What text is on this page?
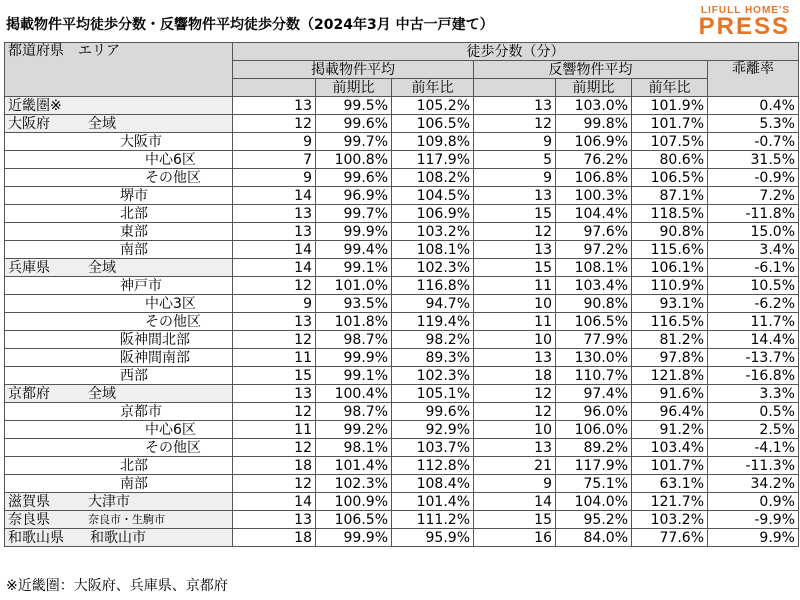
掲載物件平均徒歩分数・反響物件平均徒歩分数（2024年3月 中古一戸建て）
LIFULL HOME'S
PRESS
都道府県　エリア	徒歩分数（分）						
	掲載物件平均			反響物件平均			乖離率
		前期比	前年比		前期比	前年比	
近畿圏※	13	99.5%	105.2%	13	103.0%	101.9%	0.4%
大阪府 全域	12	99.6%	106.5%	12	99.8%	101.7%	5.3%
大阪市	9	99.7%	109.8%	9	106.9%	107.5%	-0.7%
中心6区	7	100.8%	117.9%	5	76.2%	80.6%	31.5%
その他区	9	99.6%	108.2%	9	106.8%	106.5%	-0.9%
堺市	14	96.9%	104.5%	13	100.3%	87.1%	7.2%
北部	13	99.7%	106.9%	15	104.4%	118.5%	-11.8%
東部	13	99.9%	103.2%	12	97.6%	90.8%	15.0%
南部	14	99.4%	108.1%	13	97.2%	115.6%	3.4%
兵庫県 全域	14	99.1%	102.3%	15	108.1%	106.1%	-6.1%
神戸市	12	101.0%	116.8%	11	103.4%	110.9%	10.5%
中心3区	9	93.5%	94.7%	10	90.8%	93.1%	-6.2%
その他区	13	101.8%	119.4%	11	106.5%	116.5%	11.7%
阪神間北部	12	98.7%	98.2%	10	77.9%	81.2%	14.4%
阪神間南部	11	99.9%	89.3%	13	130.0%	97.8%	-13.7%
西部	15	99.1%	102.3%	18	110.7%	121.8%	-16.8%
京都府 全域	13	100.4%	105.1%	12	97.4%	91.6%	3.3%
京都市	12	98.7%	99.6%	12	96.0%	96.4%	0.5%
中心6区	11	99.2%	92.9%	10	106.0%	91.2%	2.5%
その他区	12	98.1%	103.7%	13	89.2%	103.4%	-4.1%
北部	18	101.4%	112.8%	21	117.9%	101.7%	-11.3%
南部	12	102.3%	108.4%	9	75.1%	63.1%	34.2%
滋賀県 大津市	14	100.9%	101.4%	14	104.0%	121.7%	0.9%
奈良県 奈良市・生駒市	13	106.5%	111.2%	15	95.2%	103.2%	-9.9%
和歌山県 和歌山市	18	99.9%	95.9%	16	84.0%	77.6%	9.9%
※近畿圏：大阪府、兵庫県、京都府
